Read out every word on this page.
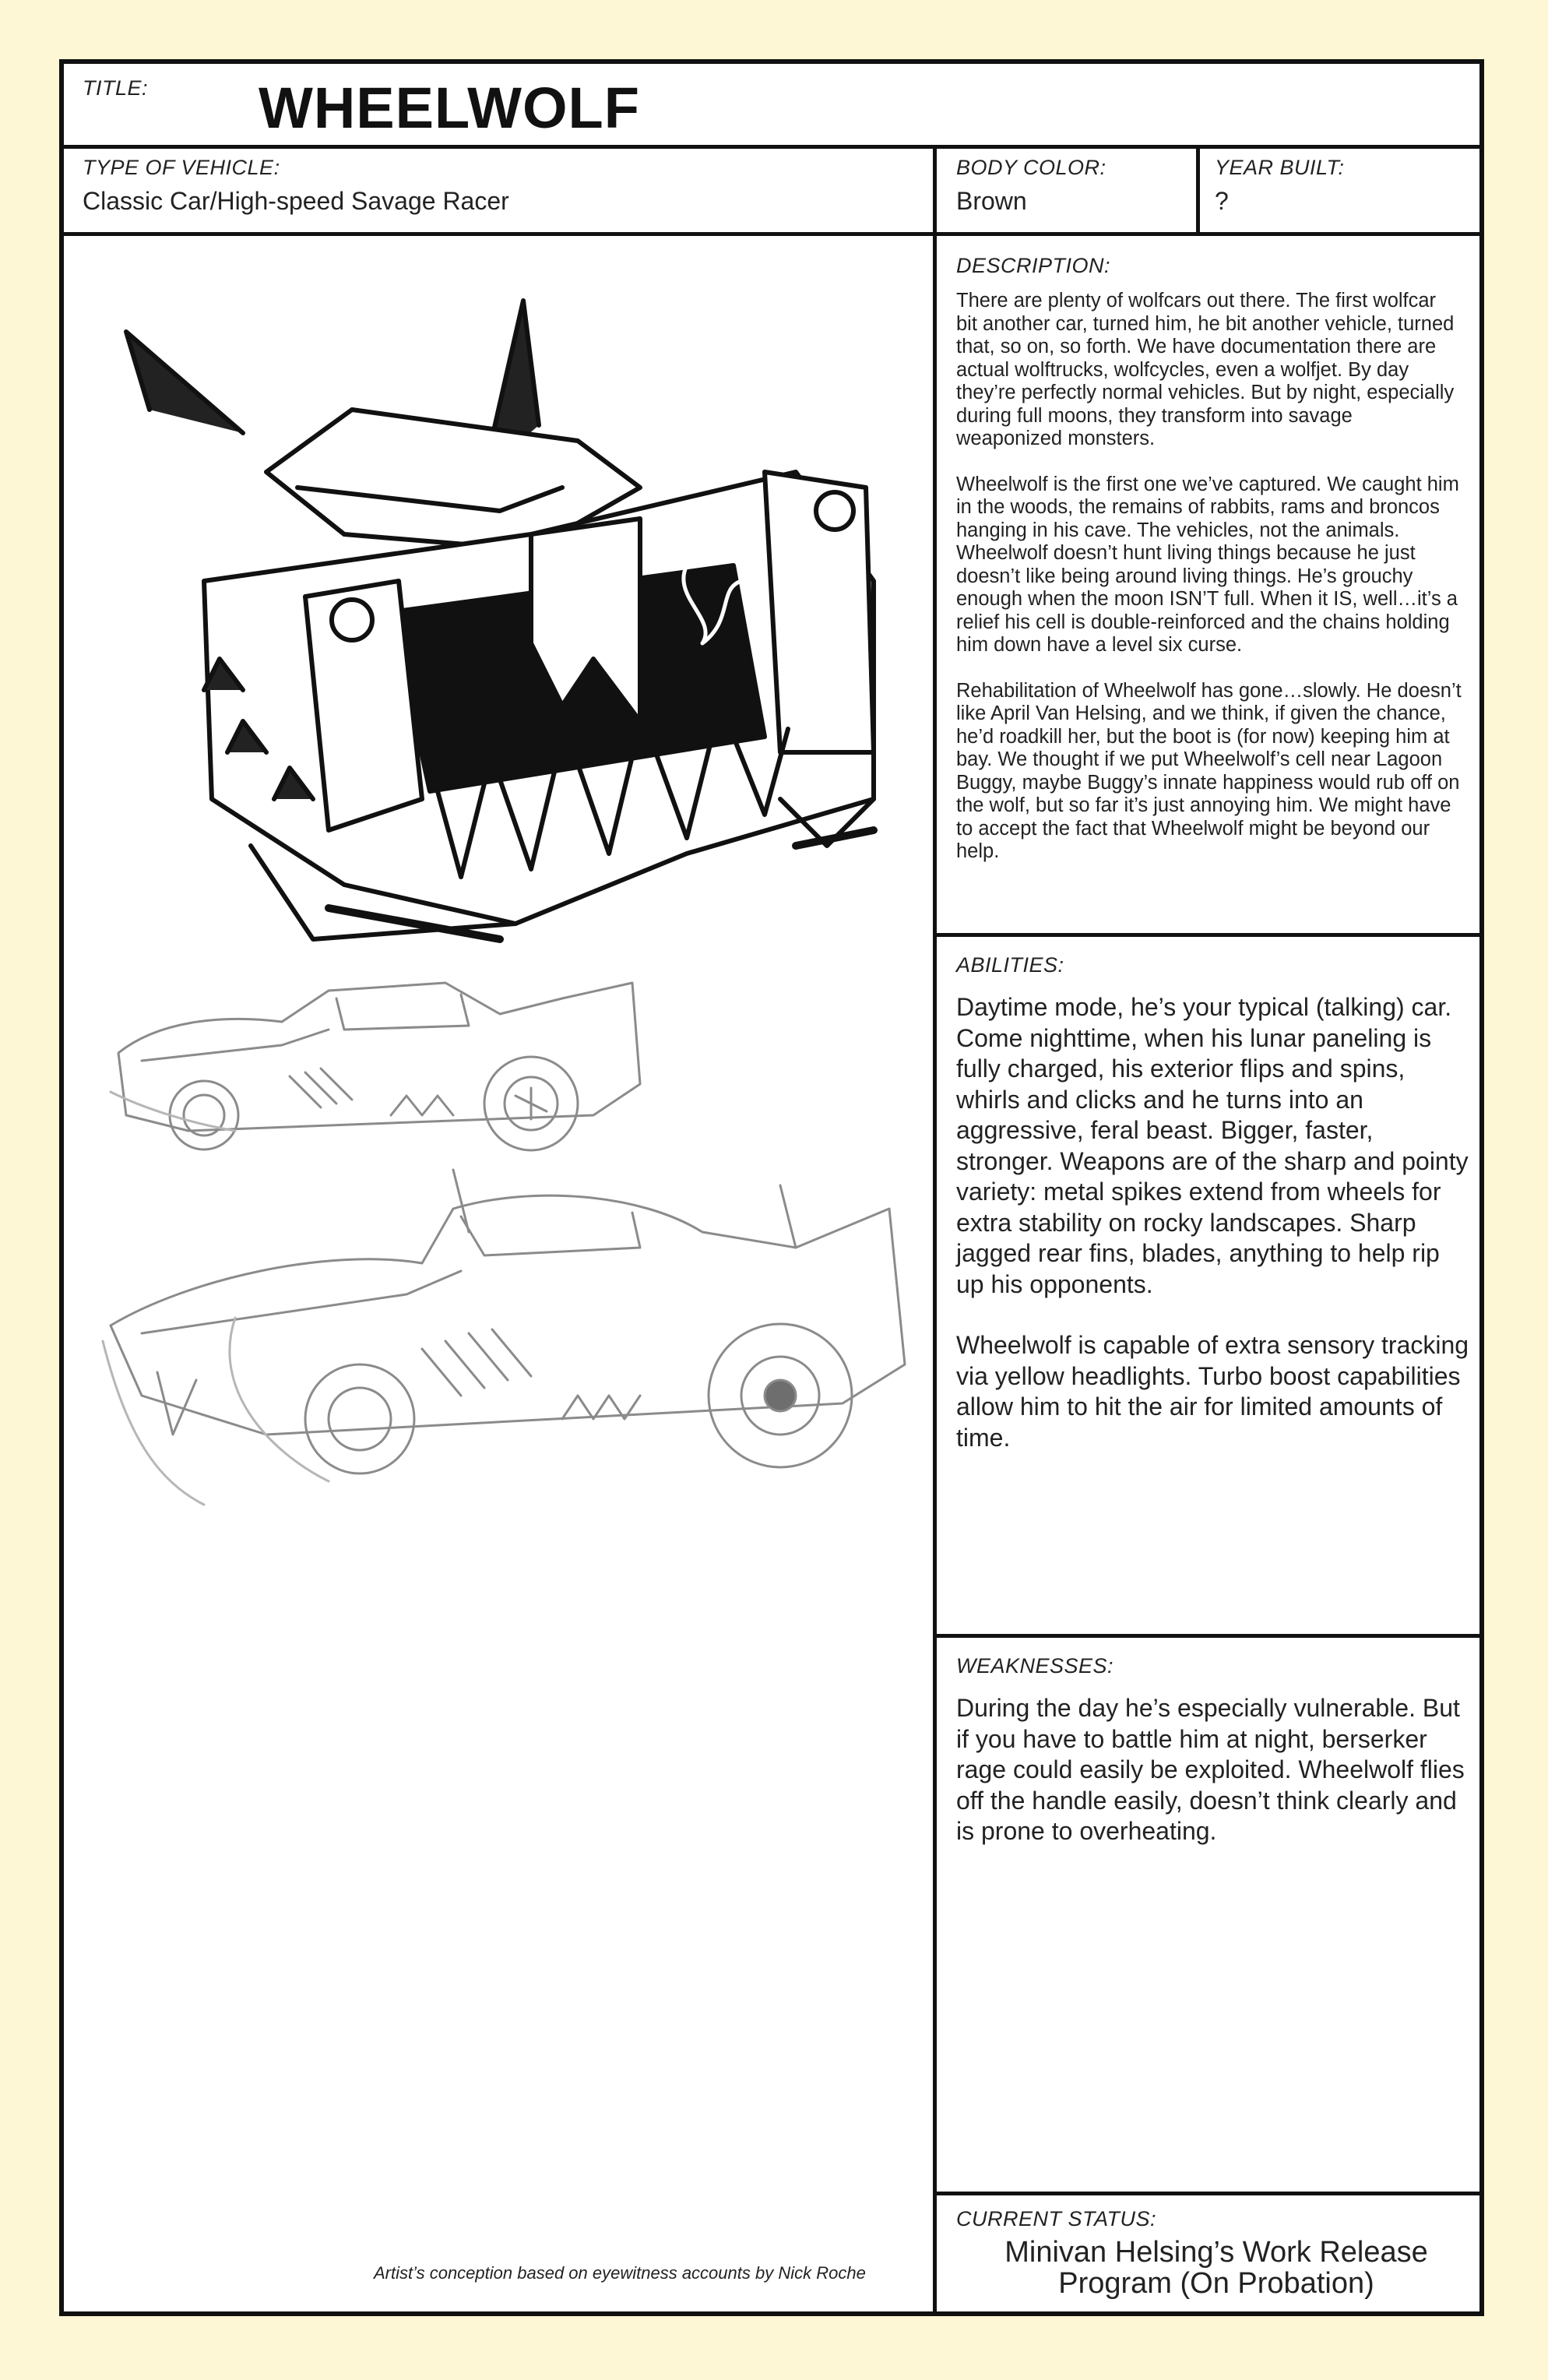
TITLE: WHEELWOLF
TYPE OF VEHICLE:
Classic Car/High-speed Savage Racer
BODY COLOR:
Brown
YEAR BUILT:
?
DESCRIPTION:

There are plenty of wolfcars out there. The first wolfcar bit another car, turned him, he bit another vehicle, turned that, so on, so forth. We have documentation there are actual wolftrucks, wolfcycles, even a wolfjet. By day they’re perfectly normal vehicles. But by night, especially during full moons, they transform into savage weaponized monsters.

Wheelwolf is the first one we’ve captured. We caught him in the woods, the remains of rabbits, rams and broncos hanging in his cave. The vehicles, not the animals. Wheelwolf doesn’t hunt living things because he just doesn’t like being around living things. He’s grouchy enough when the moon ISN’T full. When it IS, well…it’s a relief his cell is double-reinforced and the chains holding him down have a level six curse.

Rehabilitation of Wheelwolf has gone…slowly. He doesn’t like April Van Helsing, and we think, if given the chance, he’d roadkill her, but the boot is (for now) keeping him at bay. We thought if we put Wheelwolf’s cell near Lagoon Buggy, maybe Buggy’s innate happiness would rub off on the wolf, but so far it’s just annoying him. We might have to accept the fact that Wheelwolf might be beyond our help.

ABILITIES:

Daytime mode, he’s your typical (talking) car. Come nighttime, when his lunar paneling is fully charged, his exterior flips and spins, whirls and clicks and he turns into an aggressive, feral beast. Bigger, faster, stronger. Weapons are of the sharp and pointy variety: metal spikes extend from wheels for extra stability on rocky landscapes. Sharp jagged rear fins, blades, anything to help rip up his opponents.

Wheelwolf is capable of extra sensory tracking via yellow headlights. Turbo boost capabilities allow him to hit the air for limited amounts of time.

WEAKNESSES:

During the day he’s especially vulnerable. But if you have to battle him at night, berserker rage could easily be exploited. Wheelwolf flies off the handle easily, doesn’t think clearly and is prone to overheating.

CURRENT STATUS:
Minivan Helsing’s Work Release
Program (On Probation)
Artist’s conception based on eyewitness accounts by Nick Roche
